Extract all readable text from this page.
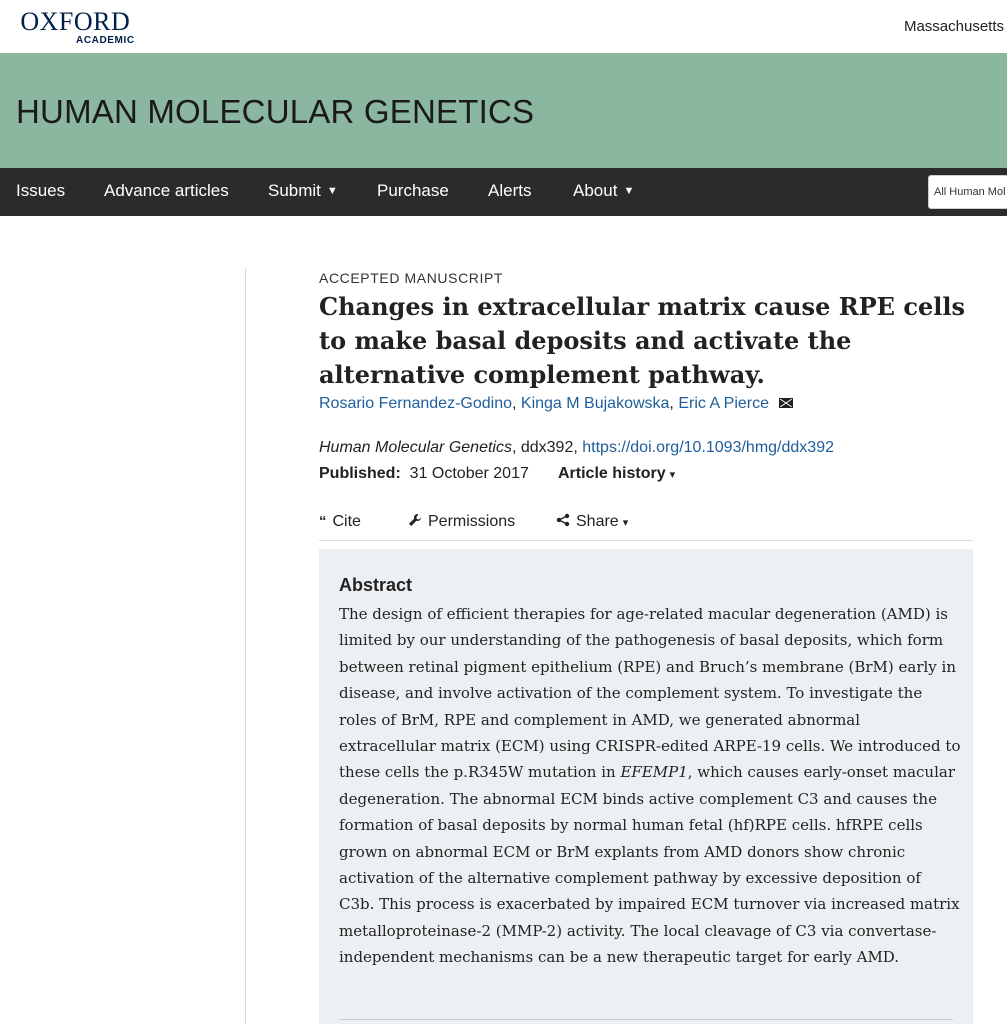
OXFORD
ACADEMIC
Massachusetts
HUMAN MOLECULAR GENETICS
Issues Advance articles Submit ▼ Purchase Alerts About ▼	All Human Mol
ACCEPTED MANUSCRIPT
Changes in extracellular matrix cause RPE cells to make basal deposits and activate the alternative complement pathway.
Rosario Fernandez-Godino, Kinga M Bujakowska, Eric A Pierce
Human Molecular Genetics, ddx392, https://doi.org/10.1093/hmg/ddx392
Published: 31 October 2017 Article history ▾
“ Cite	Permissions	Share ▾
Abstract

The design of efficient therapies for age-related macular degeneration (AMD) is limited by our understanding of the pathogenesis of basal deposits, which form between retinal pigment epithelium (RPE) and Bruch’s membrane (BrM) early in disease, and involve activation of the complement system. To investigate the roles of BrM, RPE and complement in AMD, we generated abnormal extracellular matrix (ECM) using CRISPR-edited ARPE-19 cells. We introduced to these cells the p.R345W mutation in EFEMP1, which causes early-onset macular degeneration. The abnormal ECM binds active complement C3 and causes the formation of basal deposits by normal human fetal (hf)RPE cells. hfRPE cells grown on abnormal ECM or BrM explants from AMD donors show chronic activation of the alternative complement pathway by excessive deposition of C3b. This process is exacerbated by impaired ECM turnover via increased matrix metalloproteinase-2 (MMP-2) activity. The local cleavage of C3 via convertase-independent mechanisms can be a new therapeutic target for early AMD.
